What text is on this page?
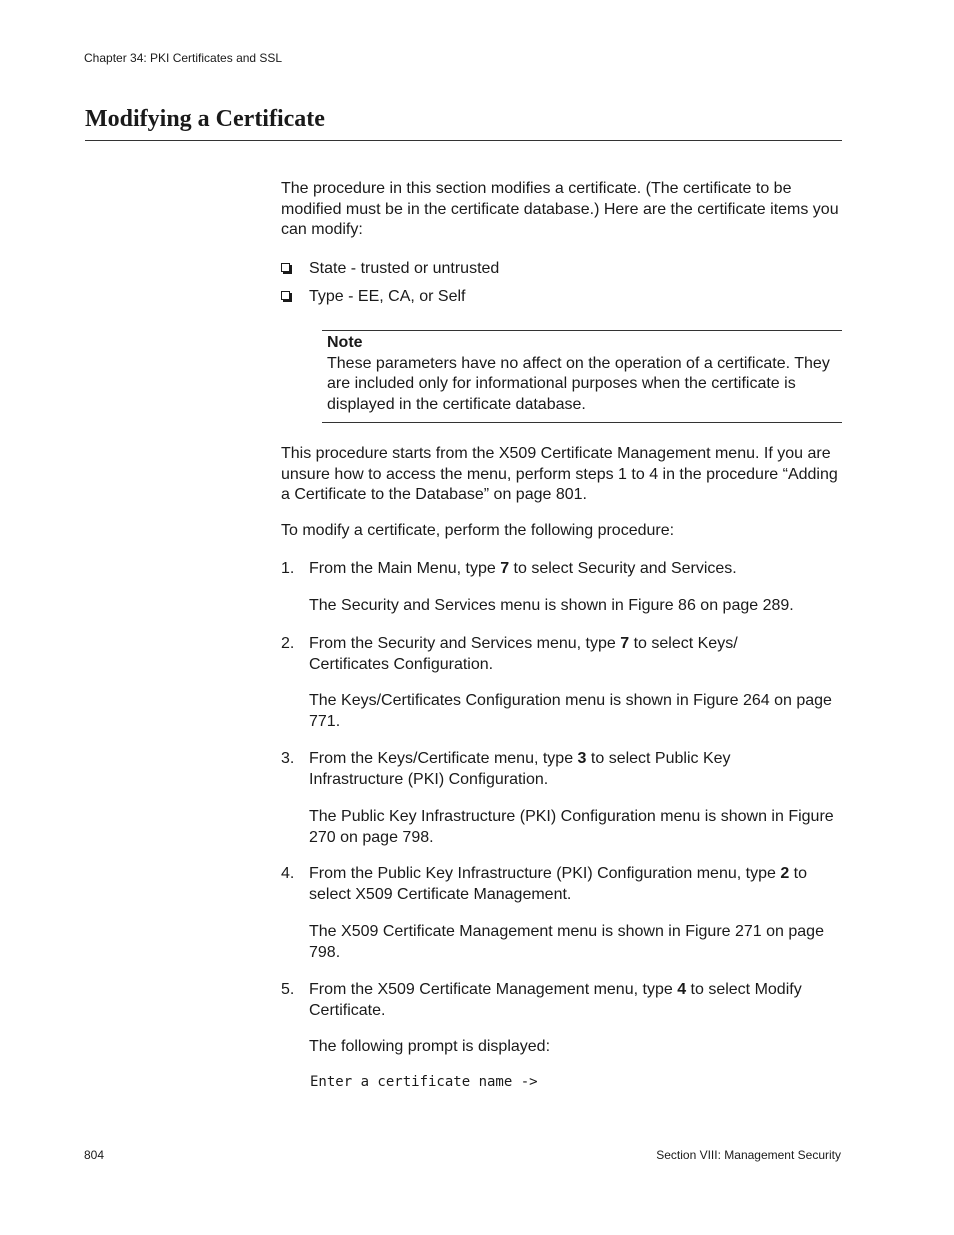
Chapter 34: PKI Certificates and SSL
Modifying a Certificate
The procedure in this section modifies a certificate. (The certificate to be modified must be in the certificate database.) Here are the certificate items you can modify:
State - trusted or untrusted
Type - EE, CA, or Self
Note
These parameters have no affect on the operation of a certificate. They are included only for informational purposes when the certificate is displayed in the certificate database.
This procedure starts from the X509 Certificate Management menu. If you are unsure how to access the menu, perform steps 1 to 4 in the procedure “Adding a Certificate to the Database” on page 801.
To modify a certificate, perform the following procedure:
1. From the Main Menu, type 7 to select Security and Services.
The Security and Services menu is shown in Figure 86 on page 289.
2. From the Security and Services menu, type 7 to select Keys/ Certificates Configuration.
The Keys/Certificates Configuration menu is shown in Figure 264 on page 771.
3. From the Keys/Certificate menu, type 3 to select Public Key Infrastructure (PKI) Configuration.
The Public Key Infrastructure (PKI) Configuration menu is shown in Figure 270 on page 798.
4. From the Public Key Infrastructure (PKI) Configuration menu, type 2 to select X509 Certificate Management.
The X509 Certificate Management menu is shown in Figure 271 on page 798.
5. From the X509 Certificate Management menu, type 4 to select Modify Certificate.
The following prompt is displayed:
Enter a certificate name ->
804	Section VIII: Management Security
